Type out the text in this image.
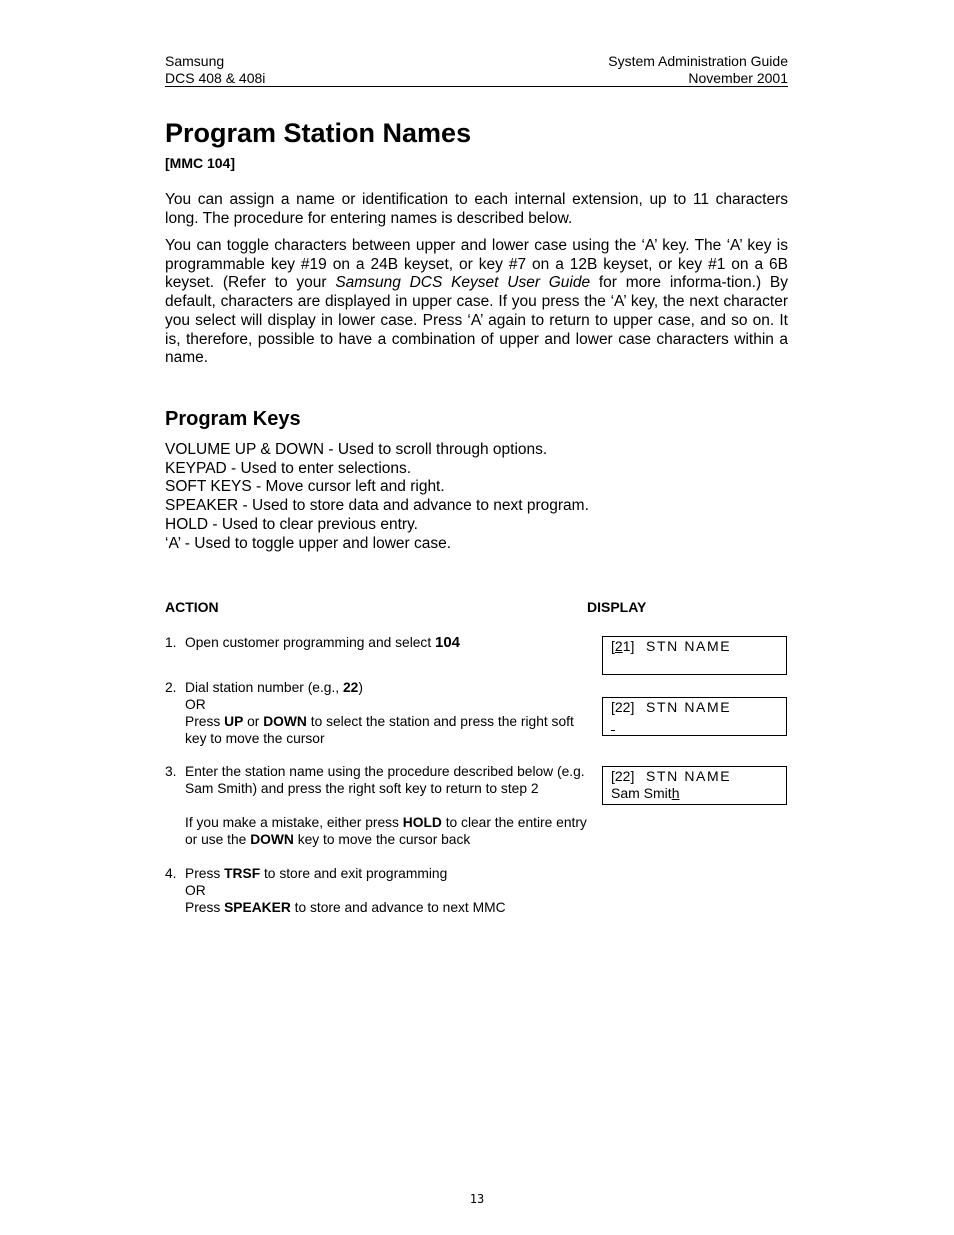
Samsung
DCS 408 & 408i
System Administration Guide
November 2001
Program Station Names
[MMC 104]

You can assign a name or identification to each internal extension, up to 11 characters long. The procedure for entering names is described below.

You can toggle characters between upper and lower case using the ‘A’ key. The ‘A’ key is programmable key #19 on a 24B keyset, or key #7 on a 12B keyset, or key #1 on a 6B keyset. (Refer to your Samsung DCS Keyset User Guide for more informa-tion.) By default, characters are displayed in upper case. If you press the ‘A’ key, the next character you select will display in lower case. Press ‘A’ again to return to upper case, and so on. It is, therefore, possible to have a combination of upper and lower case characters within a name.

Program Keys
VOLUME UP & DOWN - Used to scroll through options.
KEYPAD - Used to enter selections.
SOFT KEYS - Move cursor left and right.
SPEAKER - Used to store data and advance to next program.
HOLD - Used to clear previous entry.
‘A’ - Used to toggle upper and lower case.
ACTION	DISPLAY
1. Open customer programming and select 104
2. Dial station number (e.g., 22)
OR
Press UP or DOWN to select the station and press the right soft key to move the cursor
3. Enter the station name using the procedure described below (e.g. Sam Smith) and press the right soft key to return to step 2
If you make a mistake, either press HOLD to clear the entire entry or use the DOWN key to move the cursor back
4. Press TRSF to store and exit programming
OR
Press SPEAKER to store and advance to next MMC
[21] STN NAME
[22] STN NAME

[22] STN NAME
Sam Smith
13
